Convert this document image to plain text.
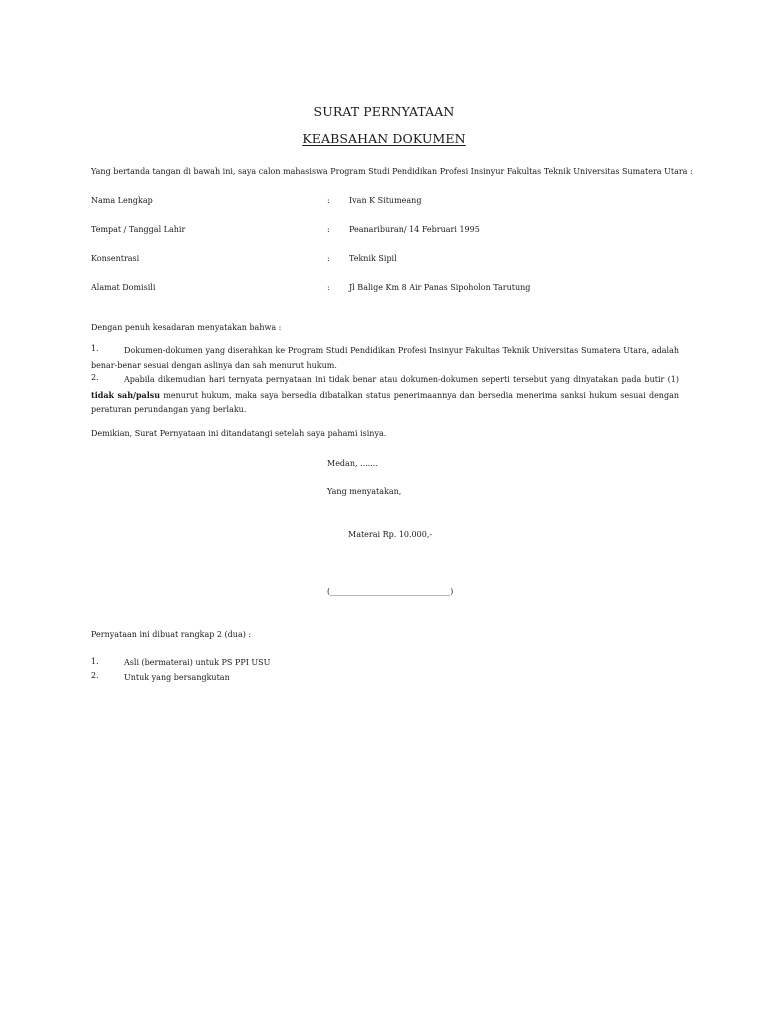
SURAT PERNYATAAN
KEABSAHAN DOKUMEN
Yang bertanda tangan di bawah ini, saya calon mahasiswa Program Studi Pendidikan Profesi Insinyur Fakultas Teknik Universitas Sumatera Utara :
Nama Lengkap	: Ivan K Situmeang
Tempat / Tanggal Lahir	: Peanariburan/ 14 Februari 1995
Konsentrasi	: Teknik Sipil
Alamat Domisili	: Jl Balige Km 8 Air Panas Sipoholon Tarutung
Dengan penuh kesadaran menyatakan bahwa :
1.	Dokumen-dokumen yang diserahkan ke Program Studi Pendidikan Profesi Insinyur Fakultas Teknik Universitas Sumatera Utara, adalah benar-benar sesuai dengan aslinya dan sah menurut hukum.
2.	Apabila dikemudian hari ternyata pernyataan ini tidak benar atau dokumen-dokumen seperti tersebut yang dinyatakan pada butir (1) tidak sah/palsu menurut hukum, maka saya bersedia dibatalkan status penerimaannya dan bersedia menerima sanksi hukum sesuai dengan peraturan perundangan yang berlaku.
Demikian, Surat Pernyataan ini ditandatangi setelah saya pahami isinya.
Medan, .......
Yang menyatakan,
Materai Rp. 10.000,-
(______________________________)
Pernyataan ini dibuat rangkap 2 (dua) :
1.	Asli (bermaterai) untuk PS PPI USU
2.	Untuk yang bersangkutan
